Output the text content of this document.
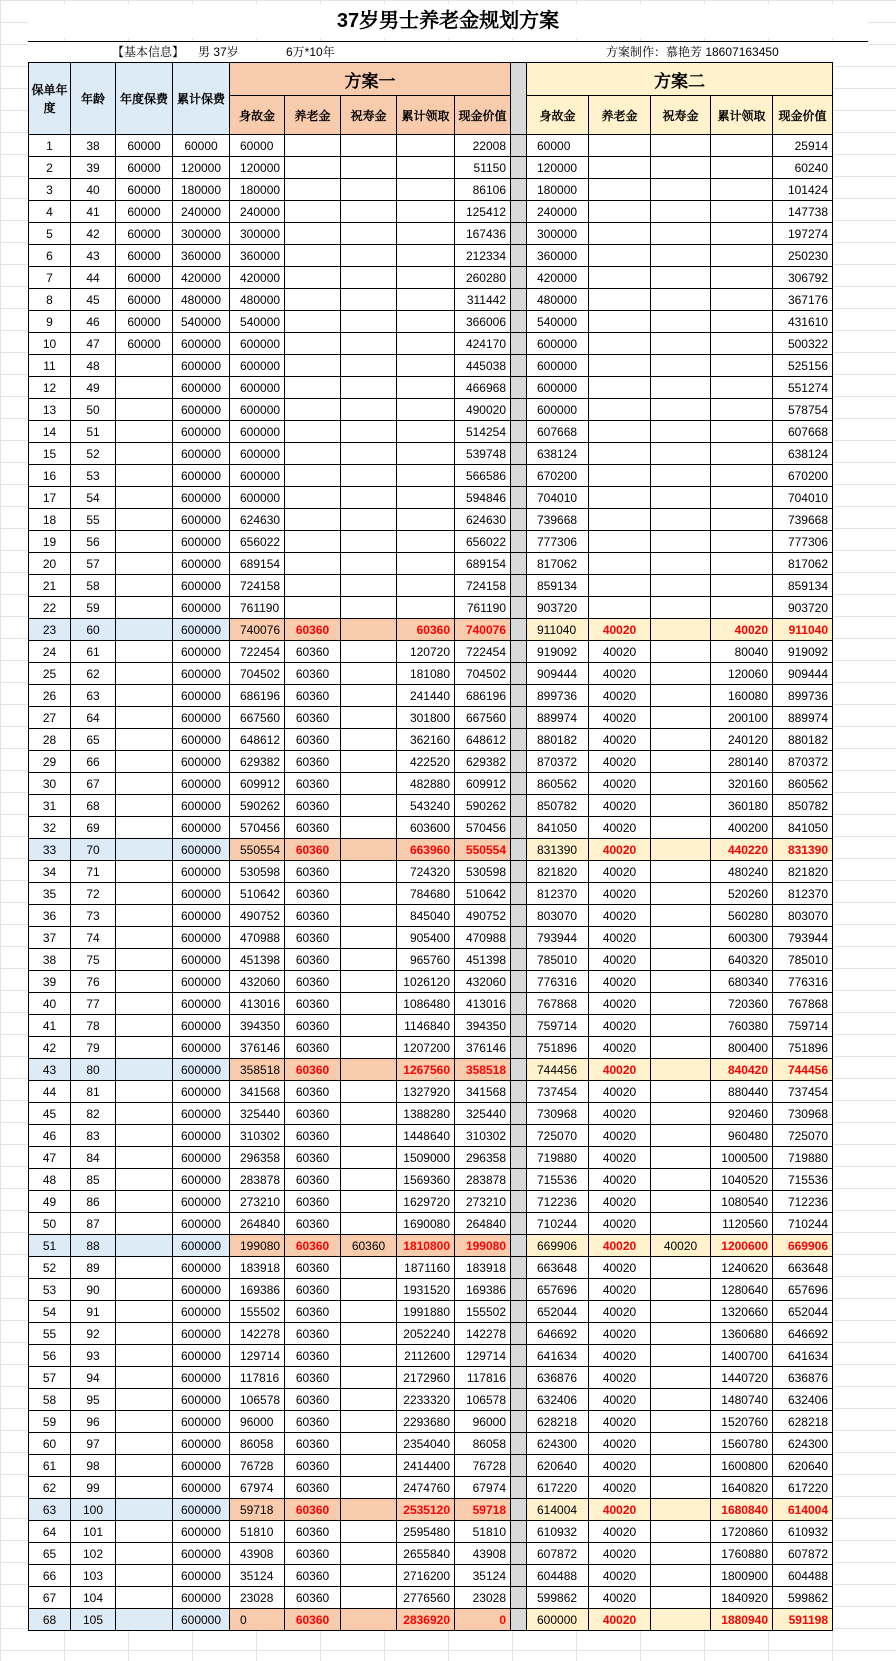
37岁男士养老金规划方案
【基本信息】 男 37岁	6万*10年	方案制作：慕艳芳 18607163450
保单年度	年龄	年度保费	累计保费	方案一						方案二				
				身故金	养老金	祝寿金	累计领取	现金价值		身故金	养老金	祝寿金	累计领取	现金价值
1	38	60000	60000	60000				22008		60000				25914
2	39	60000	120000	120000				51150		120000				60240
3	40	60000	180000	180000				86106		180000				101424
4	41	60000	240000	240000				125412		240000				147738
5	42	60000	300000	300000				167436		300000				197274
6	43	60000	360000	360000				212334		360000				250230
7	44	60000	420000	420000				260280		420000				306792
8	45	60000	480000	480000				311442		480000				367176
9	46	60000	540000	540000				366006		540000				431610
10	47	60000	600000	600000				424170		600000				500322
11	48		600000	600000				445038		600000				525156
12	49		600000	600000				466968		600000				551274
13	50		600000	600000				490020		600000				578754
14	51		600000	600000				514254		607668				607668
15	52		600000	600000				539748		638124				638124
16	53		600000	600000				566586		670200				670200
17	54		600000	600000				594846		704010				704010
18	55		600000	624630				624630		739668				739668
19	56		600000	656022				656022		777306				777306
20	57		600000	689154				689154		817062				817062
21	58		600000	724158				724158		859134				859134
22	59		600000	761190				761190		903720				903720
23	60		600000	740076	60360		60360	740076		911040	40020		40020	911040
24	61		600000	722454	60360		120720	722454		919092	40020		80040	919092
25	62		600000	704502	60360		181080	704502		909444	40020		120060	909444
26	63		600000	686196	60360		241440	686196		899736	40020		160080	899736
27	64		600000	667560	60360		301800	667560		889974	40020		200100	889974
28	65		600000	648612	60360		362160	648612		880182	40020		240120	880182
29	66		600000	629382	60360		422520	629382		870372	40020		280140	870372
30	67		600000	609912	60360		482880	609912		860562	40020		320160	860562
31	68		600000	590262	60360		543240	590262		850782	40020		360180	850782
32	69		600000	570456	60360		603600	570456		841050	40020		400200	841050
33	70		600000	550554	60360		663960	550554		831390	40020		440220	831390
34	71		600000	530598	60360		724320	530598		821820	40020		480240	821820
35	72		600000	510642	60360		784680	510642		812370	40020		520260	812370
36	73		600000	490752	60360		845040	490752		803070	40020		560280	803070
37	74		600000	470988	60360		905400	470988		793944	40020		600300	793944
38	75		600000	451398	60360		965760	451398		785010	40020		640320	785010
39	76		600000	432060	60360		1026120	432060		776316	40020		680340	776316
40	77		600000	413016	60360		1086480	413016		767868	40020		720360	767868
41	78		600000	394350	60360		1146840	394350		759714	40020		760380	759714
42	79		600000	376146	60360		1207200	376146		751896	40020		800400	751896
43	80		600000	358518	60360		1267560	358518		744456	40020		840420	744456
44	81		600000	341568	60360		1327920	341568		737454	40020		880440	737454
45	82		600000	325440	60360		1388280	325440		730968	40020		920460	730968
46	83		600000	310302	60360		1448640	310302		725070	40020		960480	725070
47	84		600000	296358	60360		1509000	296358		719880	40020		1000500	719880
48	85		600000	283878	60360		1569360	283878		715536	40020		1040520	715536
49	86		600000	273210	60360		1629720	273210		712236	40020		1080540	712236
50	87		600000	264840	60360		1690080	264840		710244	40020		1120560	710244
51	88		600000	199080	60360	60360	1810800	199080		669906	40020	40020	1200600	669906
52	89		600000	183918	60360		1871160	183918		663648	40020		1240620	663648
53	90		600000	169386	60360		1931520	169386		657696	40020		1280640	657696
54	91		600000	155502	60360		1991880	155502		652044	40020		1320660	652044
55	92		600000	142278	60360		2052240	142278		646692	40020		1360680	646692
56	93		600000	129714	60360		2112600	129714		641634	40020		1400700	641634
57	94		600000	117816	60360		2172960	117816		636876	40020		1440720	636876
58	95		600000	106578	60360		2233320	106578		632406	40020		1480740	632406
59	96		600000	96000	60360		2293680	96000		628218	40020		1520760	628218
60	97		600000	86058	60360		2354040	86058		624300	40020		1560780	624300
61	98		600000	76728	60360		2414400	76728		620640	40020		1600800	620640
62	99		600000	67974	60360		2474760	67974		617220	40020		1640820	617220
63	100		600000	59718	60360		2535120	59718		614004	40020		1680840	614004
64	101		600000	51810	60360		2595480	51810		610932	40020		1720860	610932
65	102		600000	43908	60360		2655840	43908		607872	40020		1760880	607872
66	103		600000	35124	60360		2716200	35124		604488	40020		1800900	604488
67	104		600000	23028	60360		2776560	23028		599862	40020		1840920	599862
68	105		600000	0	60360		2836920	0		600000	40020		1880940	591198
